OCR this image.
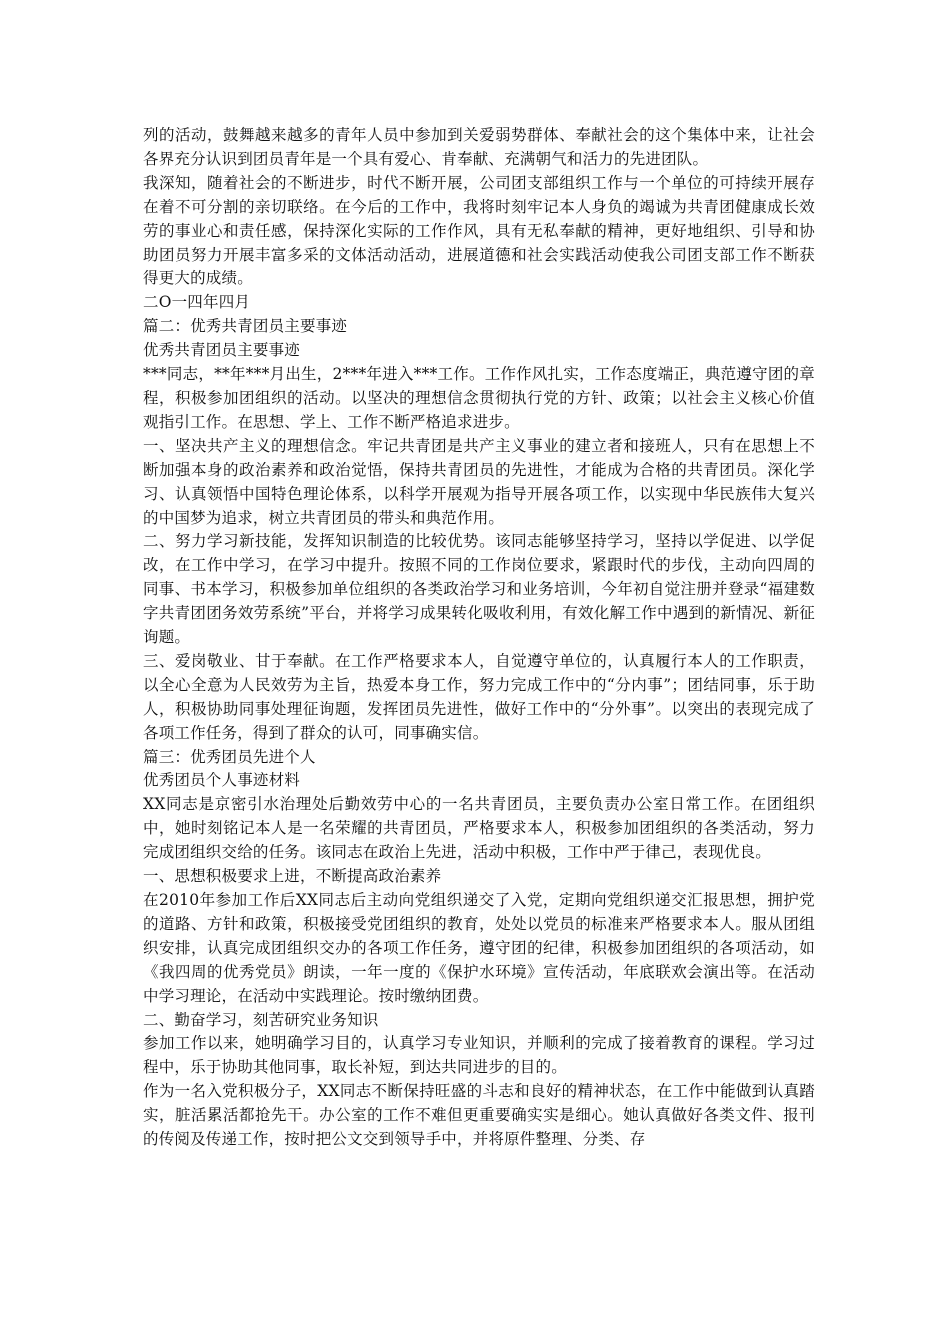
列的活动，鼓舞越来越多的青年人员中参加到关爱弱势群体、奉献社会的这个集体中来，让社会各界充分认识到团员青年是一个具有爱心、肯奉献、充满朝气和活力的先进团队。

我深知，随着社会的不断进步，时代不断开展，公司团支部组织工作与一个单位的可持续开展存在着不可分割的亲切联络。在今后的工作中，我将时刻牢记本人身负的竭诚为共青团健康成长效劳的事业心和责任感，保持深化实际的工作作风，具有无私奉献的精神，更好地组织、引导和协助团员努力开展丰富多采的文体活动活动，进展道德和社会实践活动使我公司团支部工作不断获得更大的成绩。

二O一四年四月

篇二：优秀共青团员主要事迹

优秀共青团员主要事迹

***同志，**年***月出生，2***年进入***工作。工作作风扎实，工作态度端正，典范遵守团的章程，积极参加团组织的活动。以坚决的理想信念贯彻执行党的方针、政策；以社会主义核心价值观指引工作。在思想、学上、工作不断严格追求进步。

一、坚决共产主义的理想信念。牢记共青团是共产主义事业的建立者和接班人，只有在思想上不断加强本身的政治素养和政治觉悟，保持共青团员的先进性，才能成为合格的共青团员。深化学习、认真领悟中国特色理论体系，以科学开展观为指导开展各项工作，以实现中华民族伟大复兴的中国梦为追求，树立共青团员的带头和典范作用。

二、努力学习新技能，发挥知识制造的比较优势。该同志能够坚持学习，坚持以学促进、以学促改，在工作中学习，在学习中提升。按照不同的工作岗位要求，紧跟时代的步伐，主动向四周的同事、书本学习，积极参加单位组织的各类政治学习和业务培训，今年初自觉注册并登录“福建数字共青团团务效劳系统”平台，并将学习成果转化吸收利用，有效化解工作中遇到的新情况、新征询题。

三、爱岗敬业、甘于奉献。在工作严格要求本人，自觉遵守单位的，认真履行本人的工作职责，以全心全意为人民效劳为主旨，热爱本身工作，努力完成工作中的“分内事”；团结同事，乐于助人，积极协助同事处理征询题，发挥团员先进性，做好工作中的“分外事”。以突出的表现完成了各项工作任务，得到了群众的认可，同事确实信。

篇三：优秀团员先进个人

优秀团员个人事迹材料

XX同志是京密引水治理处后勤效劳中心的一名共青团员，主要负责办公室日常工作。在团组织中，她时刻铭记本人是一名荣耀的共青团员，严格要求本人，积极参加团组织的各类活动，努力完成团组织交给的任务。该同志在政治上先进，活动中积极，工作中严于律己，表现优良。

一、思想积极要求上进，不断提高政治素养

在2010年参加工作后XX同志后主动向党组织递交了入党，定期向党组织递交汇报思想，拥护党的道路、方针和政策，积极接受党团组织的教育，处处以党员的标准来严格要求本人。服从团组织安排，认真完成团组织交办的各项工作任务，遵守团的纪律，积极参加团组织的各项活动，如《我四周的优秀党员》朗读，一年一度的《保护水环境》宣传活动，年底联欢会演出等。在活动中学习理论，在活动中实践理论。按时缴纳团费。

二、勤奋学习，刻苦研究业务知识

参加工作以来，她明确学习目的，认真学习专业知识，并顺利的完成了接着教育的课程。学习过程中，乐于协助其他同事，取长补短，到达共同进步的目的。

作为一名入党积极分子，XX同志不断保持旺盛的斗志和良好的精神状态，在工作中能做到认真踏实，脏活累活都抢先干。办公室的工作不难但更重要确实实是细心。她认真做好各类文件、报刊的传阅及传递工作，按时把公文交到领导手中，并将原件整理、分类、存
